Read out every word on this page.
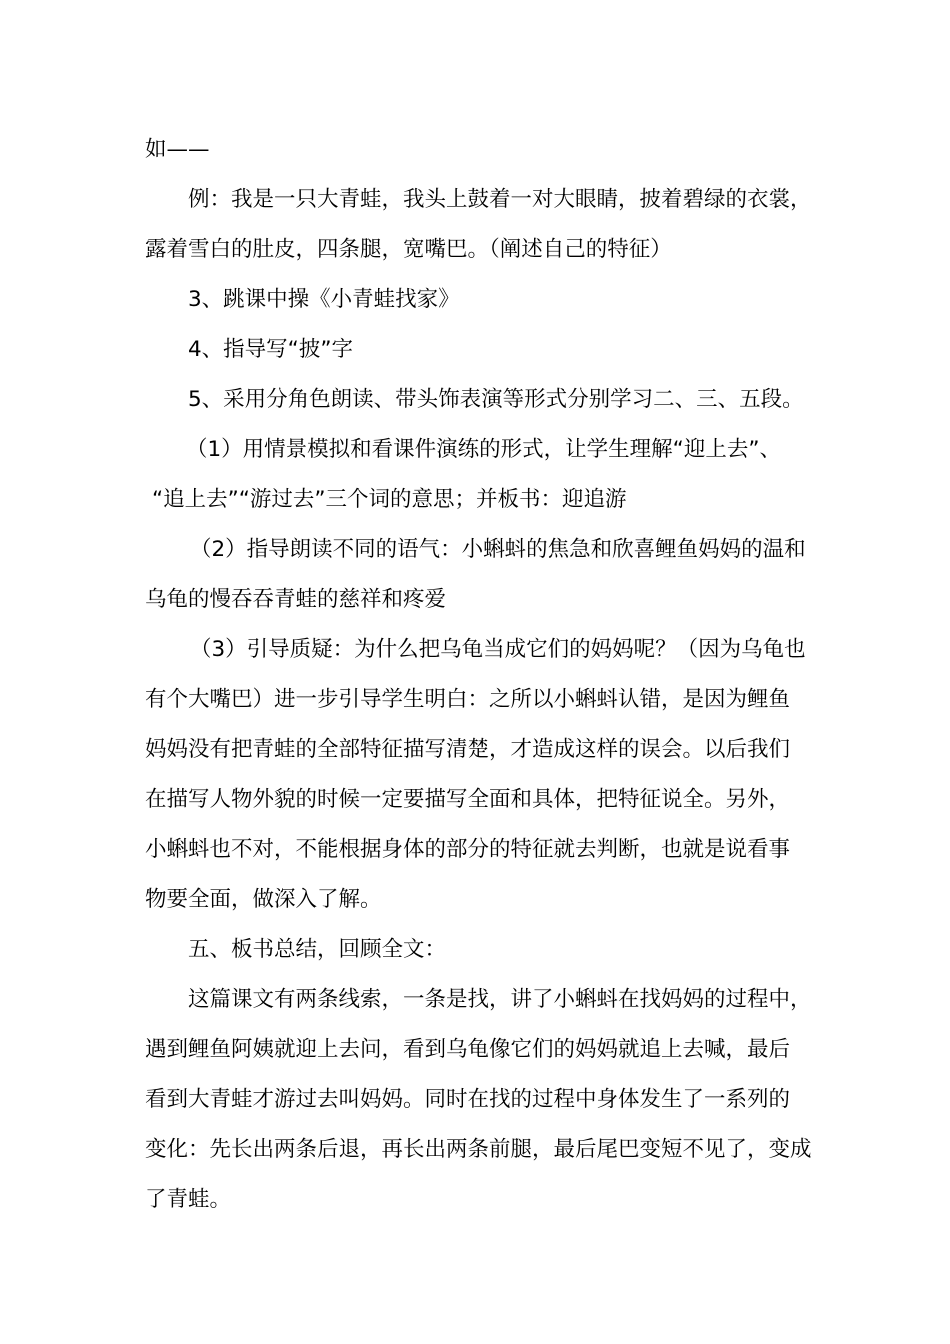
如——
例：我是一只大青蛙，我头上鼓着一对大眼睛，披着碧绿的衣裳，
露着雪白的肚皮，四条腿，宽嘴巴。（阐述自己的特征）
3、跳课中操《小青蛙找家》
4、指导写“披”字
5、采用分角色朗读、带头饰表演等形式分别学习二、三、五段。
（1）用情景模拟和看课件演练的形式，让学生理解“迎上去”、
“追上去”“游过去”三个词的意思；并板书：迎追游
（2）指导朗读不同的语气：小蝌蚪的焦急和欣喜鲤鱼妈妈的温和
乌龟的慢吞吞青蛙的慈祥和疼爱
（3）引导质疑：为什么把乌龟当成它们的妈妈呢？（因为乌龟也
有个大嘴巴）进一步引导学生明白：之所以小蝌蚪认错，是因为鲤鱼
妈妈没有把青蛙的全部特征描写清楚，才造成这样的误会。以后我们
在描写人物外貌的时候一定要描写全面和具体，把特征说全。另外，
小蝌蚪也不对，不能根据身体的部分的特征就去判断，也就是说看事
物要全面，做深入了解。
五、板书总结，回顾全文：
这篇课文有两条线索，一条是找，讲了小蝌蚪在找妈妈的过程中，
遇到鲤鱼阿姨就迎上去问，看到乌龟像它们的妈妈就追上去喊，最后
看到大青蛙才游过去叫妈妈。同时在找的过程中身体发生了一系列的
变化：先长出两条后退，再长出两条前腿，最后尾巴变短不见了，变成
了青蛙。
